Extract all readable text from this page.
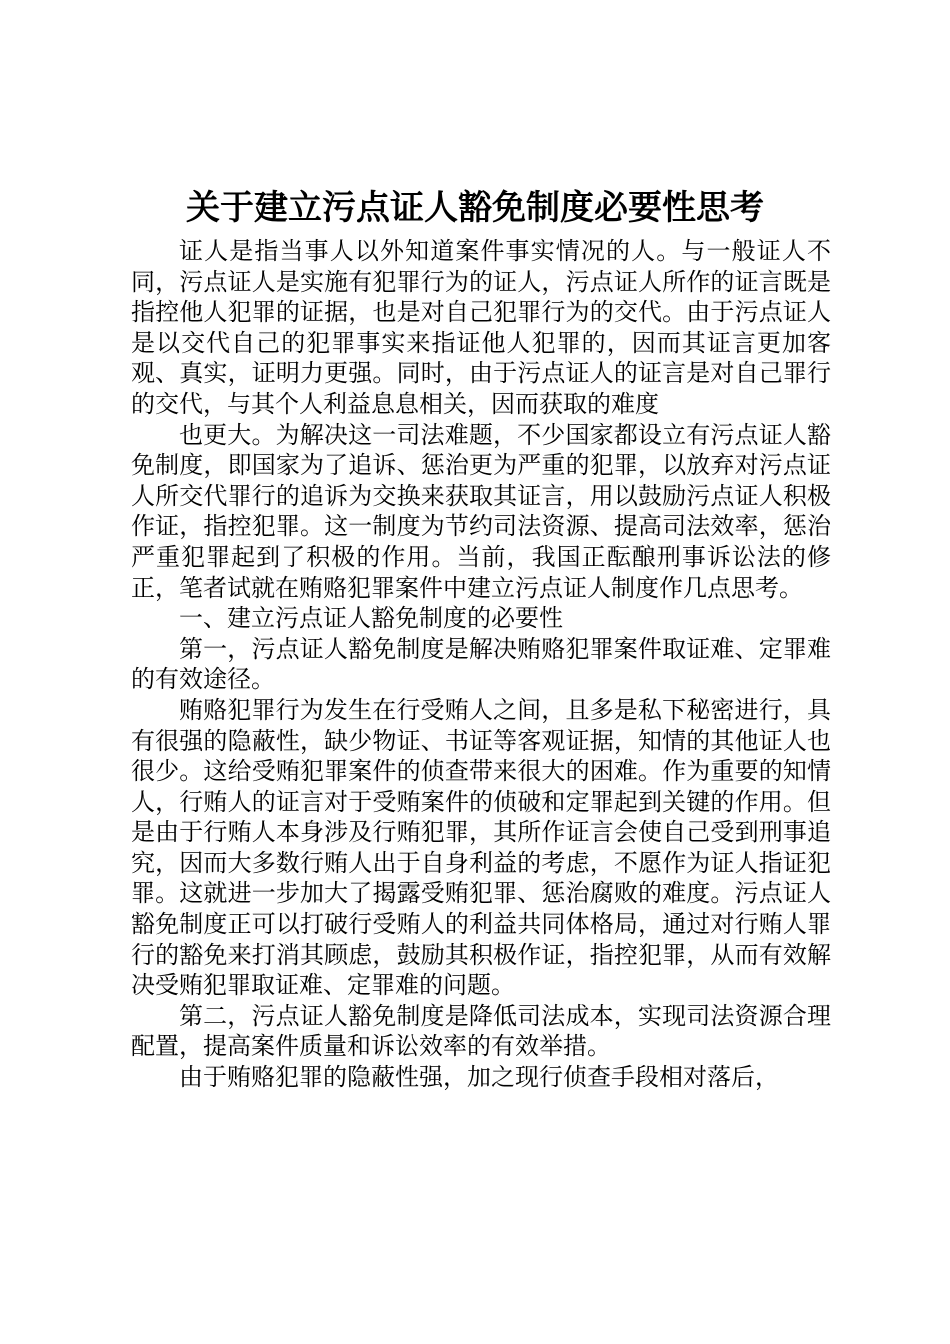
关于建立污点证人豁免制度必要性思考

证人是指当事人以外知道案件事实情况的人。与一般证人不同，污点证人是实施有犯罪行为的证人，污点证人所作的证言既是指控他人犯罪的证据，也是对自己犯罪行为的交代。由于污点证人是以交代自己的犯罪事实来指证他人犯罪的，因而其证言更加客观、真实，证明力更强。同时，由于污点证人的证言是对自己罪行的交代，与其个人利益息息相关，因而获取的难度

也更大。为解决这一司法难题，不少国家都设立有污点证人豁免制度，即国家为了追诉、惩治更为严重的犯罪，以放弃对污点证人所交代罪行的追诉为交换来获取其证言，用以鼓励污点证人积极作证，指控犯罪。这一制度为节约司法资源、提高司法效率，惩治严重犯罪起到了积极的作用。当前，我国正酝酿刑事诉讼法的修正，笔者试就在贿赂犯罪案件中建立污点证人制度作几点思考。

一、建立污点证人豁免制度的必要性

第一，污点证人豁免制度是解决贿赂犯罪案件取证难、定罪难的有效途径。

贿赂犯罪行为发生在行受贿人之间，且多是私下秘密进行，具有很强的隐蔽性，缺少物证、书证等客观证据，知情的其他证人也很少。这给受贿犯罪案件的侦查带来很大的困难。作为重要的知情人，行贿人的证言对于受贿案件的侦破和定罪起到关键的作用。但是由于行贿人本身涉及行贿犯罪，其所作证言会使自己受到刑事追究，因而大多数行贿人出于自身利益的考虑，不愿作为证人指证犯罪。这就进一步加大了揭露受贿犯罪、惩治腐败的难度。污点证人豁免制度正可以打破行受贿人的利益共同体格局，通过对行贿人罪行的豁免来打消其顾虑，鼓励其积极作证，指控犯罪，从而有效解决受贿犯罪取证难、定罪难的问题。

第二，污点证人豁免制度是降低司法成本，实现司法资源合理配置，提高案件质量和诉讼效率的有效举措。

由于贿赂犯罪的隐蔽性强，加之现行侦查手段相对落后，
